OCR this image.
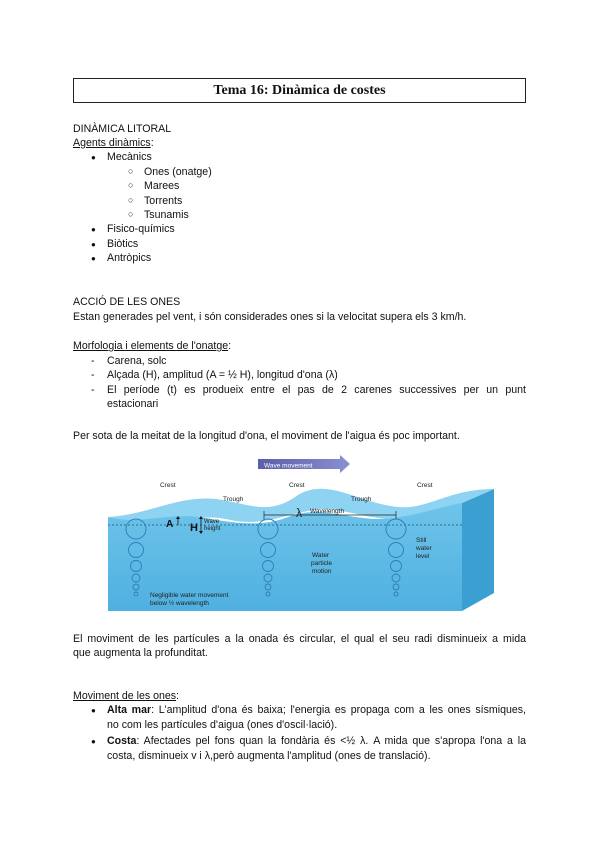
Tema 16: Dinàmica de costes
DINÀMICA LITORAL
Agents dinàmics:
● Mecànics
○ Ones (onatge)
○ Marees
○ Torrents
○ Tsunamis
● Fisico-químics
● Biòtics
● Antròpics
ACCIÓ DE LES ONES
Estan generades pel vent, i són considerades ones si la velocitat supera els 3 km/h.
Morfologia i elements de l'onatge:
- Carena, solc
- Alçada (H), amplitud (A = ½ H), longitud d'ona (λ)
- El període (t) es produeix entre el pas de 2 carenes successives per un punt
estacionari
Per sota de la meitat de la longitud d'ona, el moviment de l'aigua és poc important.
Wave movement
Crest	Crest	Crest
Trough	Trough
λ Wavelength
A H Wave
height
Water
particle
motion
Still
water
level
Negligible water movement
below ½ wavelength
El moviment de les partícules a la onada és circular, el qual el seu radi disminueix a mida
que augmenta la profunditat.
Moviment de les ones:
● Alta mar: L'amplitud d'ona és baixa; l'energia es propaga com a les ones sísmiques,
no com les partícules d'aigua (ones d'oscil·lació).
● Costa: Afectades pel fons quan la fondària és <½ λ. A mida que s'apropa l'ona a la
costa, disminueix v i λ,però augmenta l'amplitud (ones de translació).
